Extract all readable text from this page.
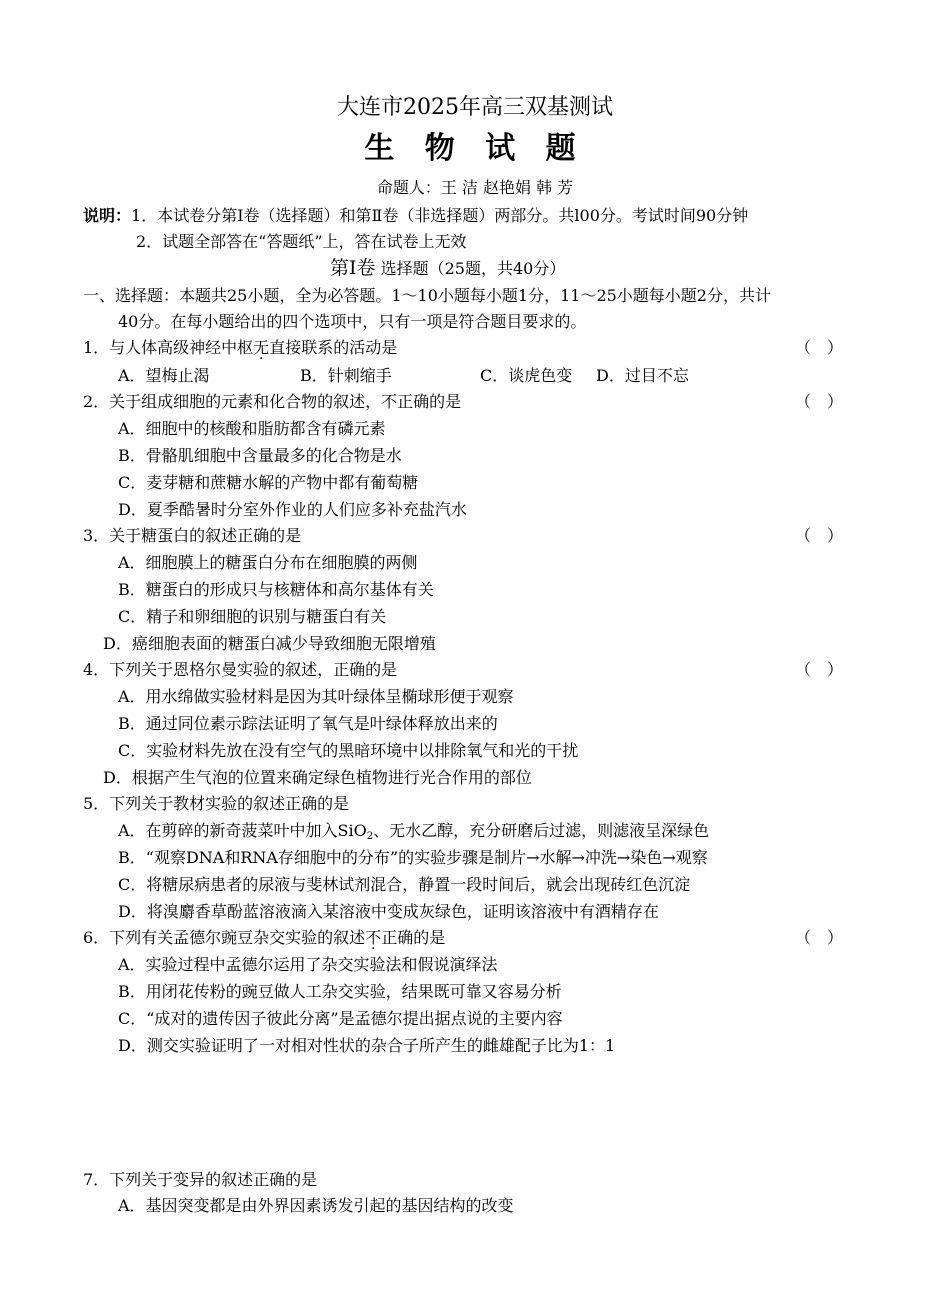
大连市2025年高三双基测试
生 物 试 题
命题人：王 洁 赵艳娟 韩 芳
说明：1．本试卷分第Ⅰ卷（选择题）和第Ⅱ卷（非选择题）两部分。共l00分。考试时间90分钟
2．试题全部答在“答题纸”上，答在试卷上无效
第Ⅰ卷 选择题（25题，共40分）
一、选择题：本题共25小题，全为必答题。1～10小题每小题1分，11～25小题每小题2分，共计
40分。在每小题给出的四个选项中，只有一项是符合题目要求的。
1．与人体高级神经中枢无直接联系的活动是	（　）
A．望梅止渴	B．针刺缩手	C．谈虎色变 D．过目不忘
2．关于组成细胞的元素和化合物的叙述，不正确的是	（　）
A．细胞中的核酸和脂肪都含有磷元素
B．骨骼肌细胞中含量最多的化合物是水
C．麦芽糖和蔗糖水解的产物中都有葡萄糖
D．夏季酷暑时分室外作业的人们应多补充盐汽水
3．关于糖蛋白的叙述正确的是	（　）
A．细胞膜上的糖蛋白分布在细胞膜的两侧
B．糖蛋白的形成只与核糖体和高尔基体有关
C．精子和卵细胞的识别与糖蛋白有关
D．癌细胞表面的糖蛋白减少导致细胞无限增殖
4．下列关于恩格尔曼实验的叙述，正确的是	（　）
A．用水绵做实验材料是因为其叶绿体呈椭球形便于观察
B．通过同位素示踪法证明了氧气是叶绿体释放出来的
C．实验材料先放在没有空气的黑暗环境中以排除氧气和光的干扰
D．根据产生气泡的位置来确定绿色植物进行光合作用的部位
5．下列关于教材实验的叙述正确的是
A．在剪碎的新奇菠菜叶中加入SiO$_2$、无水乙醇，充分研磨后过滤，则滤液呈深绿色
B．“观察DNA和RNA存细胞中的分布”的实验步骤是制片→水解→冲洗→染色→观察
C．将糖尿病患者的尿液与斐林试剂混合，静置一段时间后，就会出现砖红色沉淀
D．将溴麝香草酚蓝溶液滴入某溶液中变成灰绿色，证明该溶液中有酒精存在
6．下列有关孟德尔豌豆杂交实验的叙述不正确的是	（　）
A．实验过程中孟德尔运用了杂交实验法和假说演绎法
B．用闭花传粉的豌豆做人工杂交实验，结果既可靠又容易分析
C．“成对的遗传因子彼此分离”是孟德尔提出据点说的主要内容
D．测交实验证明了一对相对性状的杂合子所产生的雌雄配子比为1：1
7．下列关于变异的叙述正确的是
A．基因突变都是由外界因素诱发引起的基因结构的改变
